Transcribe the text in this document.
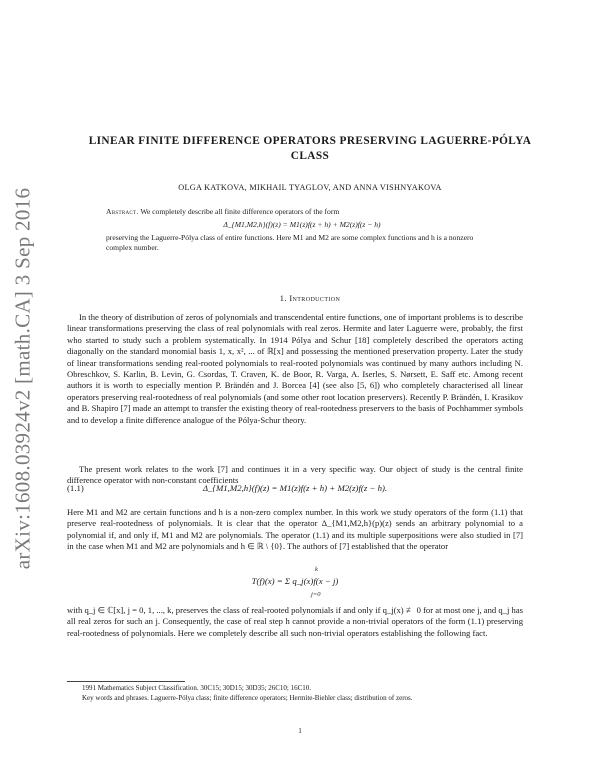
arXiv:1608.03924v2 [math.CA] 3 Sep 2016
LINEAR FINITE DIFFERENCE OPERATORS PRESERVING LAGUERRE-PÓLYA CLASS
OLGA KATKOVA, MIKHAIL TYAGLOV, AND ANNA VISHNYAKOVA
Abstract. We completely describe all finite difference operators of the form
Δ_{M1,M2,h}(f)(z) = M1(z)f(z + h) + M2(z)f(z − h)
preserving the Laguerre-Pólya class of entire functions. Here M1 and M2 are some complex functions and h is a nonzero complex number.
1. Introduction

In the theory of distribution of zeros of polynomials and transcendental entire functions, one of important problems is to describe linear transformations preserving the class of real polynomials with real zeros. Hermite and later Laguerre were, probably, the first who started to study such a problem systematically. In 1914 Pólya and Schur [18] completely described the operators acting diagonally on the standard monomial basis 1, x, x², ... of ℝ[x] and possessing the mentioned preservation property. Later the study of linear transformations sending real-rooted polynomials to real-rooted polynomials was continued by many authors including N. Obreschkov, S. Karlin, B. Levin, G. Csordas, T. Craven, K. de Boor, R. Varga, A. Iserles, S. Nørsett, E. Saff etc. Among recent authors it is worth to especially mention P. Brändén and J. Borcea [4] (see also [5, 6]) who completely characterised all linear operators preserving real-rootedness of real polynomials (and some other root location preservers). Recently P. Brändén, I. Krasikov and B. Shapiro [7] made an attempt to transfer the existing theory of real-rootedness preservers to the basis of Pochhammer symbols and to develop a finite difference analogue of the Pólya-Schur theory.

The present work relates to the work [7] and continues it in a very specific way. Our object of study is the central finite difference operator with non-constant coefficients

(1.1)	Δ_{M1,M2,h}(f)(z) = M1(z)f(z + h) + M2(z)f(z − h).

Here M1 and M2 are certain functions and h is a non-zero complex number. In this work we study operators of the form (1.1) that preserve real-rootedness of polynomials. It is clear that the operator Δ_{M1,M2,h}(p)(z) sends an arbitrary polynomial to a polynomial if, and only if, M1 and M2 are polynomials. The operator (1.1) and its multiple superpositions were also studied in [7] in the case when M1 and M2 are polynomials and h ∈ ℝ \ {0}. The authors of [7] established that the operator

k
T(f)(x) = Σ q_j(x)f(x − j)
j=0

with q_j ∈ ℂ[x], j = 0, 1, ..., k, preserves the class of real-rooted polynomials if and only if q_j(x) ≢ 0 for at most one j, and q_j has all real zeros for such an j. Consequently, the case of real step h cannot provide a non-trivial operators of the form (1.1) preserving real-rootedness of polynomials. Here we completely describe all such non-trivial operators establishing the following fact.

1991 Mathematics Subject Classification. 30C15; 30D15; 30D35; 26C10; 16C10.
Key words and phrases. Laguerre-Pólya class; finite difference operators; Hermite-Biehler class; distribution of zeros.
1
